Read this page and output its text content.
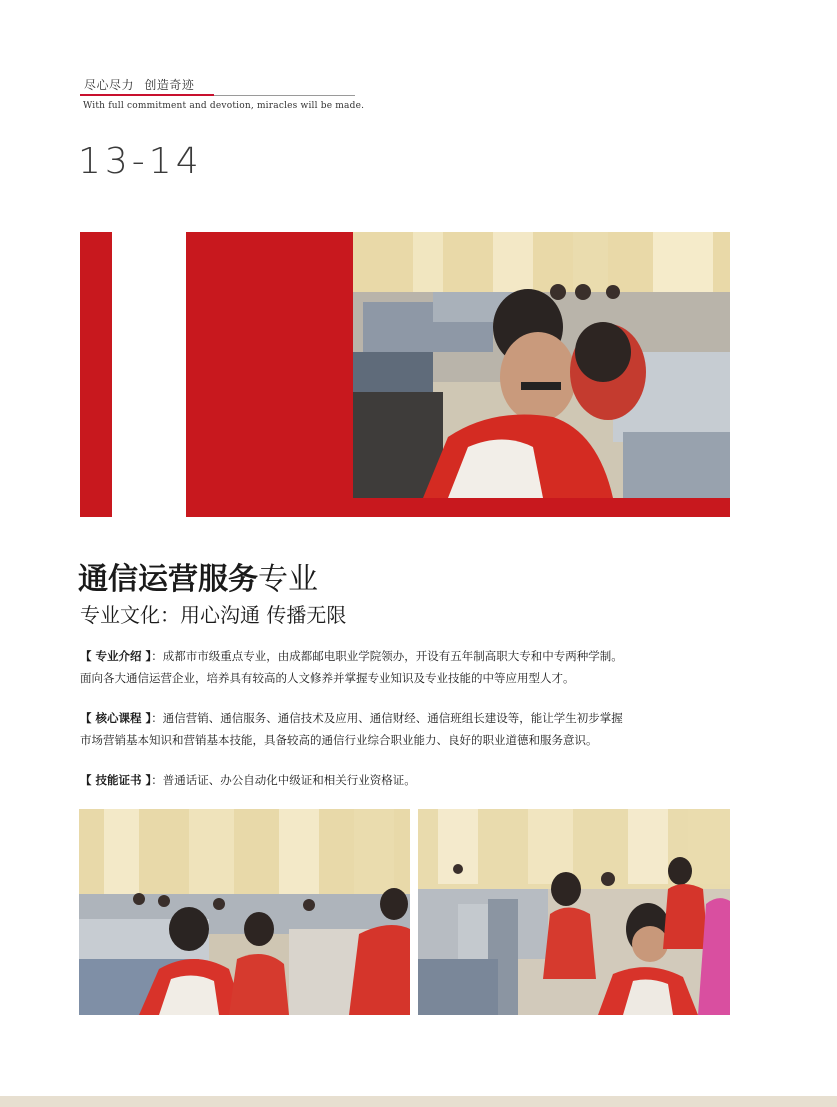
尽心尽力 创造奇迹
With full commitment and devotion, miracles will be made.
13-14
通信运营服务专业
专业文化：用心沟通 传播无限
【 专业介绍 】：成都市市级重点专业，由成都邮电职业学院领办，开设有五年制高职大专和中专两种学制。
面向各大通信运营企业，培养具有较高的人文修养并掌握专业知识及专业技能的中等应用型人才。
【 核心课程 】：通信营销、通信服务、通信技术及应用、通信财经、通信班组长建设等，能让学生初步掌握
市场营销基本知识和营销基本技能，具备较高的通信行业综合职业能力、良好的职业道德和服务意识。
【 技能证书 】：普通话证、办公自动化中级证和相关行业资格证。
